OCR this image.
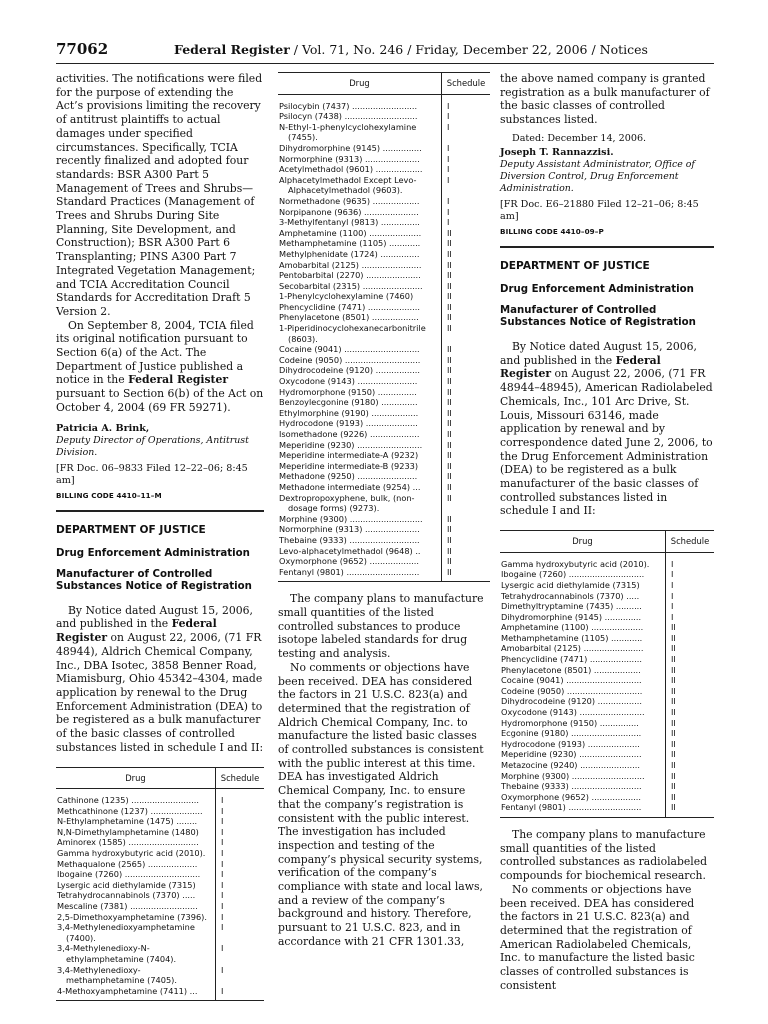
77062	Federal Register / Vol. 71, No. 246 / Friday, December 22, 2006 / Notices

activities. The notifications were filed for the purpose of extending the Act’s provisions limiting the recovery of antitrust plaintiffs to actual damages under specified circumstances. Specifically, TCIA recently finalized and adopted four standards: BSR A300 Part 5 Management of Trees and Shrubs—Standard Practices (Management of Trees and Shrubs During Site Planning, Site Development, and Construction); BSR A300 Part 6 Transplanting; PINS A300 Part 7 Integrated Vegetation Management; and TCIA Accreditation Council Standards for Accreditation Draft 5 Version 2.

On September 8, 2004, TCIA filed its original notification pursuant to Section 6(a) of the Act. The Department of Justice published a notice in the Federal Register pursuant to Section 6(b) of the Act on October 4, 2004 (69 FR 59271).

Patricia A. Brink,
Deputy Director of Operations, Antitrust Division.
[FR Doc. 06–9833 Filed 12–22–06; 8:45 am]
BILLING CODE 4410–11–M
DEPARTMENT OF JUSTICE
Drug Enforcement Administration
Manufacturer of Controlled Substances Notice of Registration

By Notice dated August 15, 2006, and published in the Federal Register on August 22, 2006, (71 FR 48944), Aldrich Chemical Company, Inc., DBA Isotec, 3858 Benner Road, Miamisburg, Ohio 45342–4304, made application by renewal to the Drug Enforcement Administration (DEA) to be registered as a bulk manufacturer of the basic classes of controlled substances listed in schedule I and II:

Drug	Schedule

Cathinone (1235) ..........................	I

Methcathinone (1237) ....................	I

N-Ethylamphetamine (1475) ........	I

N,N-Dimethylamphetamine (1480)	I

Aminorex (1585) ...........................	I

Gamma hydroxybutyric acid (2010).	I

Methaqualone (2565) ...................	I

Ibogaine (7260) .............................	I

Lysergic acid diethylamide (7315)	I

Tetrahydrocannabinols (7370) .....	I

Mescaline (7381) ..........................	I

2,5-Dimethoxyamphetamine (7396).	I

3,4-Methylenedioxyamphetamine (7400).	I

3,4-Methylenedioxy-N-ethylamphetamine (7404).	I

3,4-Methylenedioxy-methamphetamine (7405).	I

4-Methoxyamphetamine (7411) ...	I
Drug	Schedule

Psilocybin (7437) .........................	I

Psilocyn (7438) ............................	I

N-Ethyl-1-phenylcyclohexylamine (7455).	I

Dihydromorphine (9145) ...............	I

Normorphine (9313) .....................	I

Acetylmethadol (9601) ..................	I

Alphacetylmethadol Except Levo-Alphacetylmethadol (9603).	I

Normethadone (9635) ..................	I

Norpipanone (9636) .....................	I

3-Methylfentanyl (9813) ...............	I

Amphetamine (1100) ....................	II

Methamphetamine (1105) ............	II

Methylphenidate (1724) ...............	II

Amobarbital (2125) .......................	II

Pentobarbital (2270) .....................	II

Secobarbital (2315) .......................	II

1-Phenylcyclohexylamine (7460)	II

Phencyclidine (7471) ....................	II

Phenylacetone (8501) ..................	II

1-Piperidinocyclohexanecarbonitrile (8603).	II

Cocaine (9041) .............................	II

Codeine (9050) .............................	II

Dihydrocodeine (9120) .................	II

Oxycodone (9143) .......................	II

Hydromorphone (9150) ...............	II

Benzoylecgonine (9180) ..............	II

Ethylmorphine (9190) ..................	II

Hydrocodone (9193) ....................	II

Isomethadone (9226) ...................	II

Meperidine (9230) .........................	II

Meperidine intermediate-A (9232)	II

Meperidine intermediate-B (9233)	II

Methadone (9250) .......................	II

Methadone intermediate (9254) ...	II

Dextropropoxyphene, bulk, (non-dosage forms) (9273).	II

Morphine (9300) ............................	II

Normorphine (9313) .....................	II

Thebaine (9333) ...........................	II

Levo-alphacetylmethadol (9648) ..	II

Oxymorphone (9652) ...................	II

Fentanyl (9801) ............................	II

The company plans to manufacture small quantities of the listed controlled substances to produce isotope labeled standards for drug testing and analysis.

No comments or objections have been received. DEA has considered the factors in 21 U.S.C. 823(a) and determined that the registration of Aldrich Chemical Company, Inc. to manufacture the listed basic classes of controlled substances is consistent with the public interest at this time. DEA has investigated Aldrich Chemical Company, Inc. to ensure that the company’s registration is consistent with the public interest. The investigation has included inspection and testing of the company’s physical security systems, verification of the company’s compliance with state and local laws, and a review of the company’s background and history. Therefore, pursuant to 21 U.S.C. 823, and in accordance with 21 CFR 1301.33,

the above named company is granted registration as a bulk manufacturer of the basic classes of controlled substances listed.

Dated: December 14, 2006.
Joseph T. Rannazzisi.
Deputy Assistant Administrator, Office of Diversion Control, Drug Enforcement Administration.
[FR Doc. E6–21880 Filed 12–21–06; 8:45 am]
BILLING CODE 4410–09–P
DEPARTMENT OF JUSTICE
Drug Enforcement Administration
Manufacturer of Controlled Substances Notice of Registration

By Notice dated August 15, 2006, and published in the Federal Register on August 22, 2006, (71 FR 48944–48945), American Radiolabeled Chemicals, Inc., 101 Arc Drive, St. Louis, Missouri 63146, made application by renewal and by correspondence dated June 2, 2006, to the Drug Enforcement Administration (DEA) to be registered as a bulk manufacturer of the basic classes of controlled substances listed in schedule I and II:

Drug	Schedule

Gamma hydroxybutyric acid (2010).	I

Ibogaine (7260) .............................	I

Lysergic acid diethylamide (7315)	I

Tetrahydrocannabinols (7370) .....	I

Dimethyltryptamine (7435) ..........	I

Dihydromorphine (9145) ..............	I

Amphetamine (1100) ....................	II

Methamphetamine (1105) ............	II

Amobarbital (2125) .......................	II

Phencyclidine (7471) ....................	II

Phenylacetone (8501) ..................	II

Cocaine (9041) .............................	II

Codeine (9050) .............................	II

Dihydrocodeine (9120) .................	II

Oxycodone (9143) .........................	II

Hydromorphone (9150) ...............	II

Ecgonine (9180) ...........................	II

Hydrocodone (9193) ....................	II

Meperidine (9230) ........................	II

Metazocine (9240) .......................	II

Morphine (9300) ............................	II

Thebaine (9333) ...........................	II

Oxymorphone (9652) ...................	II

Fentanyl (9801) ............................	II

The company plans to manufacture small quantities of the listed controlled substances as radiolabeled compounds for biochemical research.

No comments or objections have been received. DEA has considered the factors in 21 U.S.C. 823(a) and determined that the registration of American Radiolabeled Chemicals, Inc. to manufacture the listed basic classes of controlled substances is consistent
